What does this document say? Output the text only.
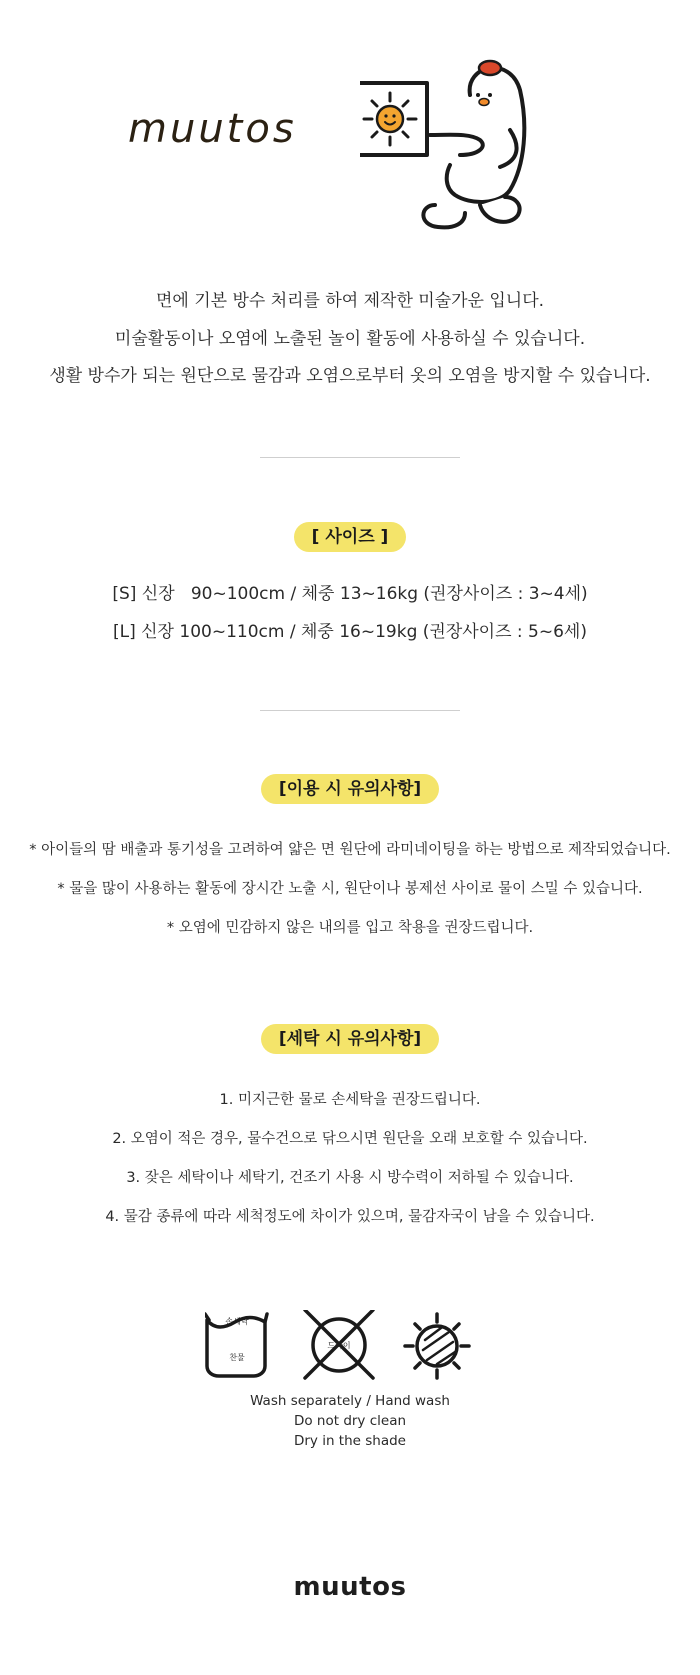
muutos
면에 기본 방수 처리를 하여 제작한 미술가운 입니다.
미술활동이나 오염에 노출된 놀이 활동에 사용하실 수 있습니다.
생활 방수가 되는 원단으로 물감과 오염으로부터 옷의 오염을 방지할 수 있습니다.
[ 사이즈 ]
[S] 신장   90~100cm / 체중 13~16kg (권장사이즈 : 3~4세)
[L] 신장 100~110cm / 체중 16~19kg (권장사이즈 : 5~6세)
[이용 시 유의사항]
* 아이들의 땀 배출과 통기성을 고려하여 얇은 면 원단에 라미네이팅을 하는 방법으로 제작되었습니다.
* 물을 많이 사용하는 활동에 장시간 노출 시, 원단이나 봉제선 사이로 물이 스밀 수 있습니다.
* 오염에 민감하지 않은 내의를 입고 착용을 권장드립니다.
[세탁 시 유의사항]
1. 미지근한 물로 손세탁을 권장드립니다.
2. 오염이 적은 경우, 물수건으로 닦으시면 원단을 오래 보호할 수 있습니다.
3. 잦은 세탁이나 세탁기, 건조기 사용 시 방수력이 저하될 수 있습니다.
4. 물감 종류에 따라 세척정도에 차이가 있으며, 물감자국이 남을 수 있습니다.
손세탁
찬물
드라이
Wash separately / Hand wash
Do not dry clean
Dry in the shade
muutos
